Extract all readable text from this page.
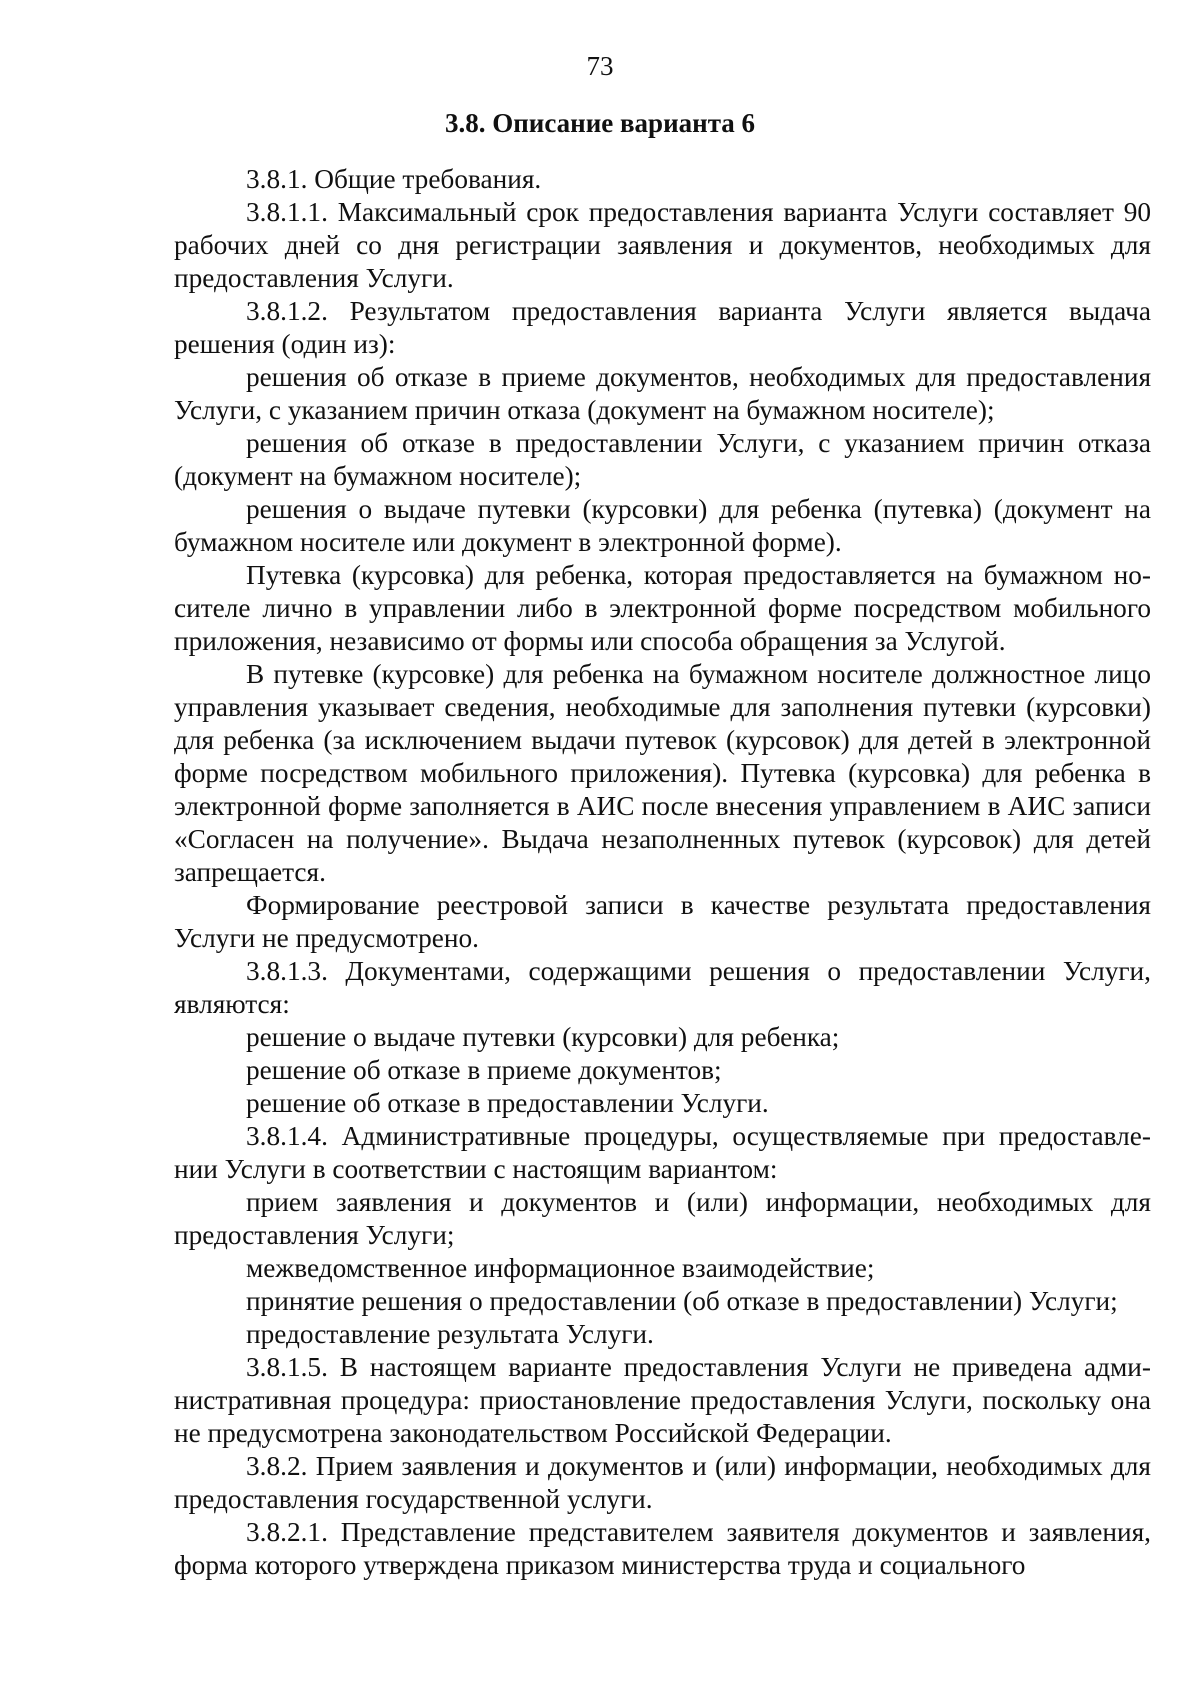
73

3.8. Описание варианта 6

3.8.1. Общие требования.

3.8.1.1. Максимальный срок предоставления варианта Услуги составляет 90 рабочих дней со дня регистрации заявления и документов, необходимых для предоставления Услуги.

3.8.1.2. Результатом предоставления варианта Услуги является выдача решения (один из):

решения об отказе в приеме документов, необходимых для предоставления Услуги, с указанием причин отказа (документ на бумажном носителе);

решения об отказе в предоставлении Услуги, с указанием причин отказа (документ на бумажном носителе);

решения о выдаче путевки (курсовки) для ребенка (путевка) (документ на бумажном носителе или документ в электронной форме).

Путевка (курсовка) для ребенка, которая предоставляется на бумажном носителе лично в управлении либо в электронной форме посредством мобильного приложения, независимо от формы или способа обращения за Услугой.

В путевке (курсовке) для ребенка на бумажном носителе должностное лицо управления указывает сведения, необходимые для заполнения путевки (курсовки) для ребенка (за исключением выдачи путевок (курсовок) для детей в электронной форме посредством мобильного приложения). Путевка (курсовка) для ребенка в электронной форме заполняется в АИС после внесения управлением в АИС записи «Согласен на получение». Выдача незаполненных путевок (курсовок) для детей запрещается.

Формирование реестровой записи в качестве результата предоставления Услуги не предусмотрено.

3.8.1.3. Документами, содержащими решения о предоставлении Услуги, являются:

решение о выдаче путевки (курсовки) для ребенка;

решение об отказе в приеме документов;

решение об отказе в предоставлении Услуги.

3.8.1.4. Административные процедуры, осуществляемые при предоставлении Услуги в соответствии с настоящим вариантом:

прием заявления и документов и (или) информации, необходимых для предоставления Услуги;

межведомственное информационное взаимодействие;

принятие решения о предоставлении (об отказе в предоставлении) Услуги;

предоставление результата Услуги.

3.8.1.5. В настоящем варианте предоставления Услуги не приведена административная процедура: приостановление предоставления Услуги, поскольку она не предусмотрена законодательством Российской Федерации.

3.8.2. Прием заявления и документов и (или) информации, необходимых для предоставления государственной услуги.

3.8.2.1. Представление представителем заявителя документов и заявления, форма которого утверждена приказом министерства труда и социального
